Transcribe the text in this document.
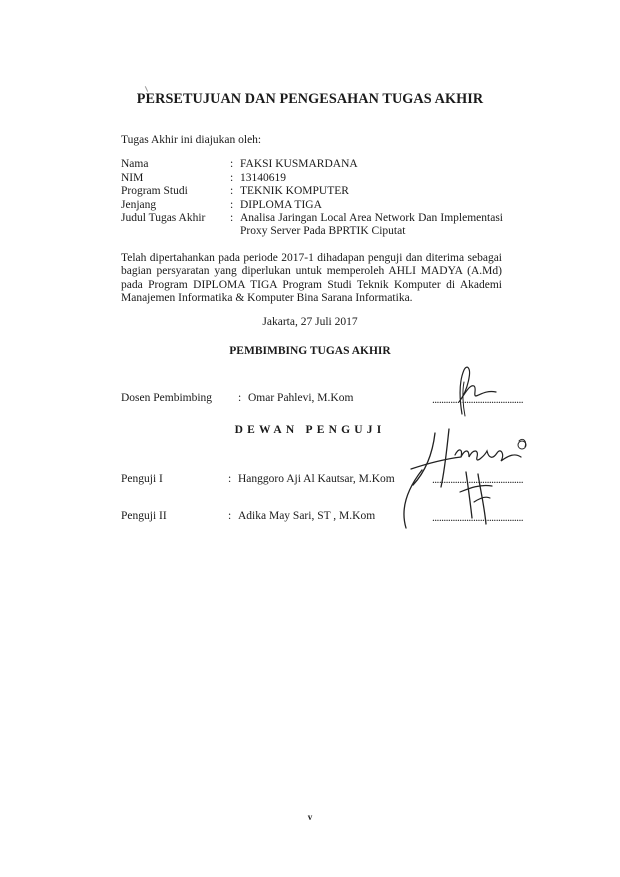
PERSETUJUAN DAN PENGESAHAN TUGAS AKHIR
Tugas Akhir ini diajukan oleh:
Nama	: FAKSI KUSMARDANA
NIM	: 13140619
Program Studi	: TEKNIK KOMPUTER
Jenjang	: DIPLOMA TIGA
Judul Tugas Akhir : Analisa Jaringan Local Area Network Dan Implementasi
Proxy Server Pada BPRTIK Ciputat
Telah dipertahankan pada periode 2017-1 dihadapan penguji dan diterima sebagai bagian persyaratan yang diperlukan untuk memperoleh AHLI MADYA (A.Md) pada Program DIPLOMA TIGA Program Studi Teknik Komputer di Akademi Manajemen Informatika & Komputer Bina Sarana Informatika.
Jakarta, 27 Juli 2017
PEMBIMBING TUGAS AKHIR
Dosen Pembimbing : Omar Pahlevi, M.Kom	........................................
DEWAN PENGUJI
Penguji I	: Hanggoro Aji Al Kautsar, M.Kom	........................................
Penguji II	: Adika May Sari, ST , M.Kom	........................................
v
